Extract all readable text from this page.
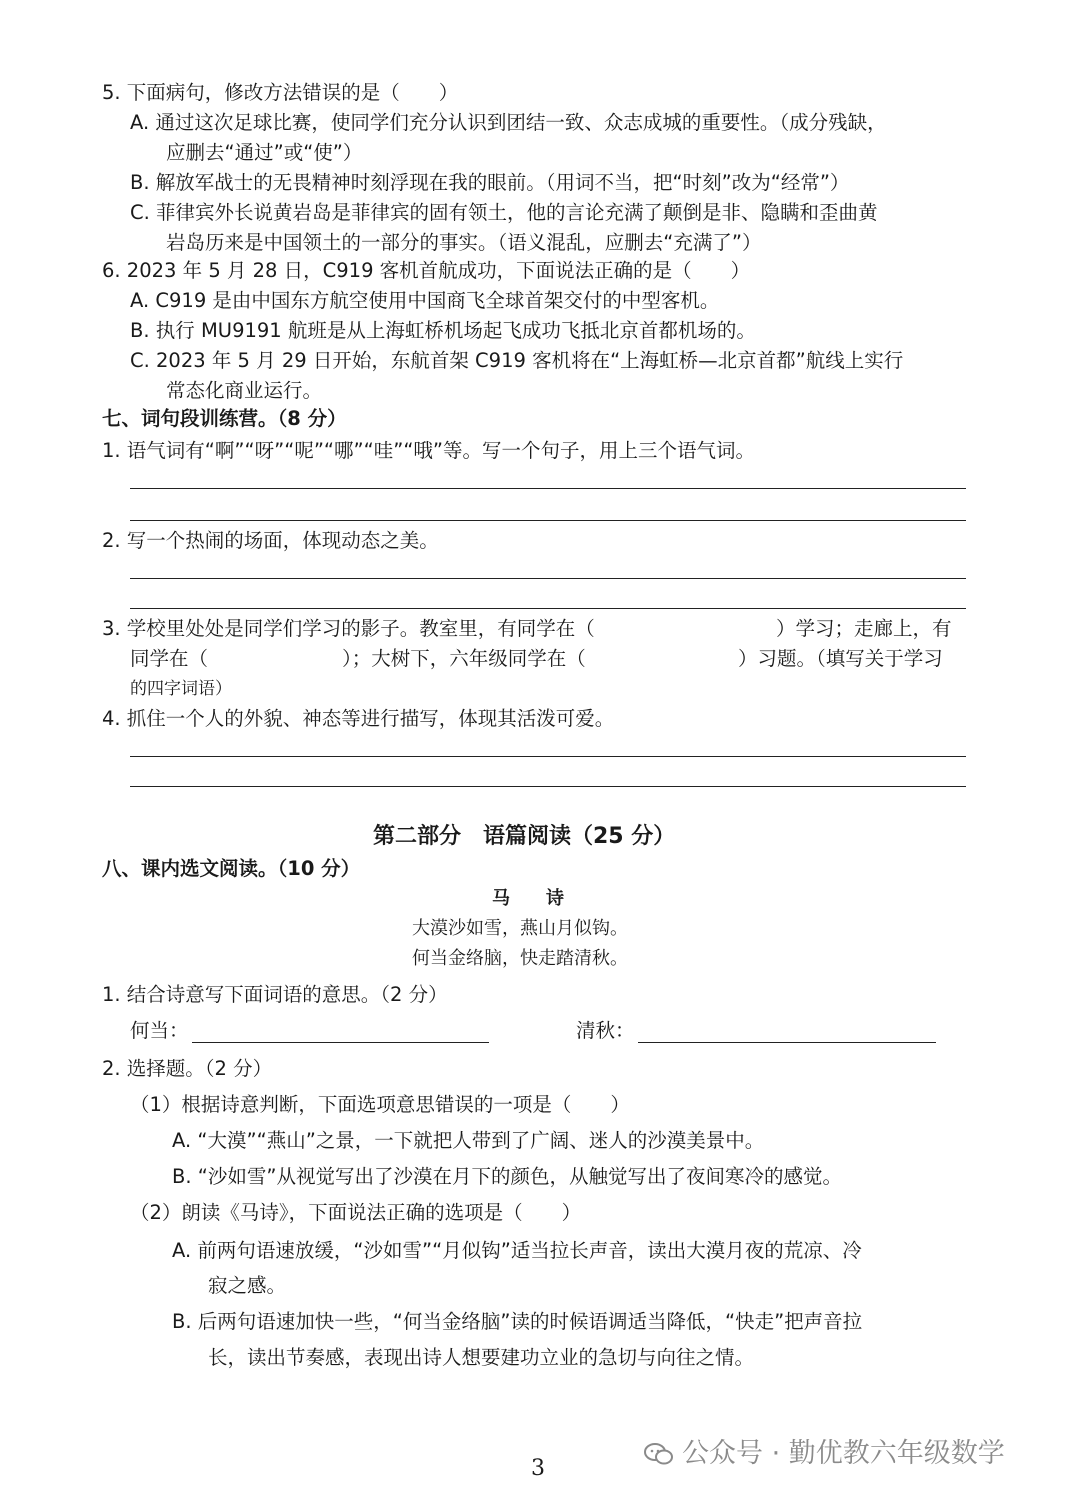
5. 下面病句，修改方法错误的是（　　）
A. 通过这次足球比赛，使同学们充分认识到团结一致、众志成城的重要性。（成分残缺，
应删去“通过”或“使”）
B. 解放军战士的无畏精神时刻浮现在我的眼前。（用词不当，把“时刻”改为“经常”）
C. 菲律宾外长说黄岩岛是菲律宾的固有领土，他的言论充满了颠倒是非、隐瞒和歪曲黄
岩岛历来是中国领土的一部分的事实。（语义混乱，应删去“充满了”）
6. 2023 年 5 月 28 日，C919 客机首航成功，下面说法正确的是（　　）
A. C919 是由中国东方航空使用中国商飞全球首架交付的中型客机。
B. 执行 MU9191 航班是从上海虹桥机场起飞成功飞抵北京首都机场的。
C. 2023 年 5 月 29 日开始，东航首架 C919 客机将在“上海虹桥—北京首都”航线上实行
常态化商业运行。
七、词句段训练营。（8 分）
1. 语气词有“啊”“呀”“呢”“哪”“哇”“哦”等。写一个句子，用上三个语气词。
2. 写一个热闹的场面，体现动态之美。
3. 学校里处处是同学们学习的影子。教室里，有同学在（	）学习；走廊上，有
同学在（	）；大树下，六年级同学在（	）习题。（填写关于学习
的四字词语）
4. 抓住一个人的外貌、神态等进行描写，体现其活泼可爱。
第二部分　语篇阅读（25 分）
八、课内选文阅读。（10 分）
马　　诗
大漠沙如雪，燕山月似钩。
何当金络脑，快走踏清秋。
1. 结合诗意写下面词语的意思。（2 分）
何当：	清秋：
2. 选择题。（2 分）
（1）根据诗意判断，下面选项意思错误的一项是（　　）
A. “大漠”“燕山”之景，一下就把人带到了广阔、迷人的沙漠美景中。
B. “沙如雪”从视觉写出了沙漠在月下的颜色，从触觉写出了夜间寒冷的感觉。
（2）朗读《马诗》，下面说法正确的选项是（　　）
A. 前两句语速放缓，“沙如雪”“月似钩”适当拉长声音，读出大漠月夜的荒凉、冷
寂之感。
B. 后两句语速加快一些，“何当金络脑”读的时候语调适当降低，“快走”把声音拉
长，读出节奏感，表现出诗人想要建功立业的急切与向往之情。
公众号 · 勤优教六年级数学
3
